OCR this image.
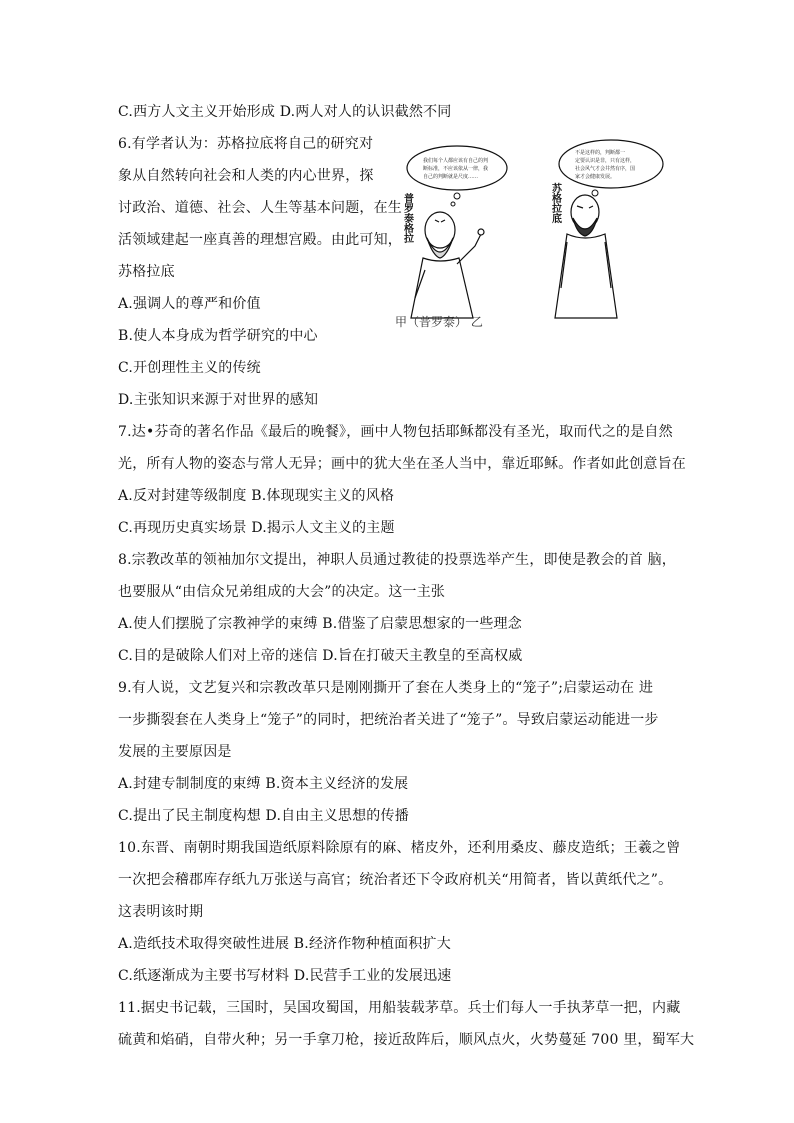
C.西方人文主义开始形成 D.两人对人的认识截然不同
6.有学者认为：苏格拉底将自己的研究对
象从自然转向社会和人类的内心世界，探
讨政治、道德、社会、人生等基本问题，在生
活领域建起一座真善的理想宫殿。由此可知，
苏格拉底
A.强调人的尊严和价值
B.使人本身成为哲学研究的中心
C.开创理性主义的传统
D.主张知识来源于对世界的感知
7.达•芬奇的著名作品《最后的晚餐》，画中人物包括耶稣都没有圣光，取而代之的是自然
光，所有人物的姿态与常人无异；画中的犹大坐在圣人当中，靠近耶稣。作者如此创意旨在
A.反对封建等级制度 B.体现现实主义的风格
C.再现历史真实场景 D.揭示人文主义的主题
8.宗教改革的领袖加尔文提出，神职人员通过教徒的投票选举产生，即使是教会的首 脑，
也要服从“由信众兄弟组成的大会”的决定。这一主张
A.使人们摆脱了宗教神学的束缚 B.借鉴了启蒙思想家的一些理念
C.目的是破除人们对上帝的迷信 D.旨在打破天主教皇的至高权威
9.有人说，文艺复兴和宗教改革只是刚刚撕开了套在人类身上的“笼子”;启蒙运动在 进
一步撕裂套在人类身上“笼子”的同时，把统治者关进了“笼子”。导致启蒙运动能进一步
发展的主要原因是
A.封建专制制度的束缚 B.资本主义经济的发展
C.提出了民主制度构想 D.自由主义思想的传播
10.东晋、南朝时期我国造纸原料除原有的麻、楮皮外，还利用桑皮、藤皮造纸；王羲之曾
一次把会稽郡库存纸九万张送与高官；统治者还下令政府机关“用简者，皆以黄纸代之”。
这表明该时期
A.造纸技术取得突破性进展 B.经济作物种植面积扩大
C.纸逐渐成为主要书写材料 D.民营手工业的发展迅速
11.据史书记载，三国时，吴国攻蜀国，用船装载茅草。兵士们每人一手执茅草一把，内藏
硫黄和焰硝，自带火种；另一手拿刀枪，接近敌阵后，顺风点火，火势蔓延 700 里，蜀军大
我们每个人都应该有自己的判
断标准，不应该依从一律，我
自己的判断就是尺度……
不是这样的，判断都一
定要认识是非，只有这样，
社会风气才会井然有序，国
家才会健康发展。
普罗泰格拉	苏格拉底
甲（普罗泰） 乙
